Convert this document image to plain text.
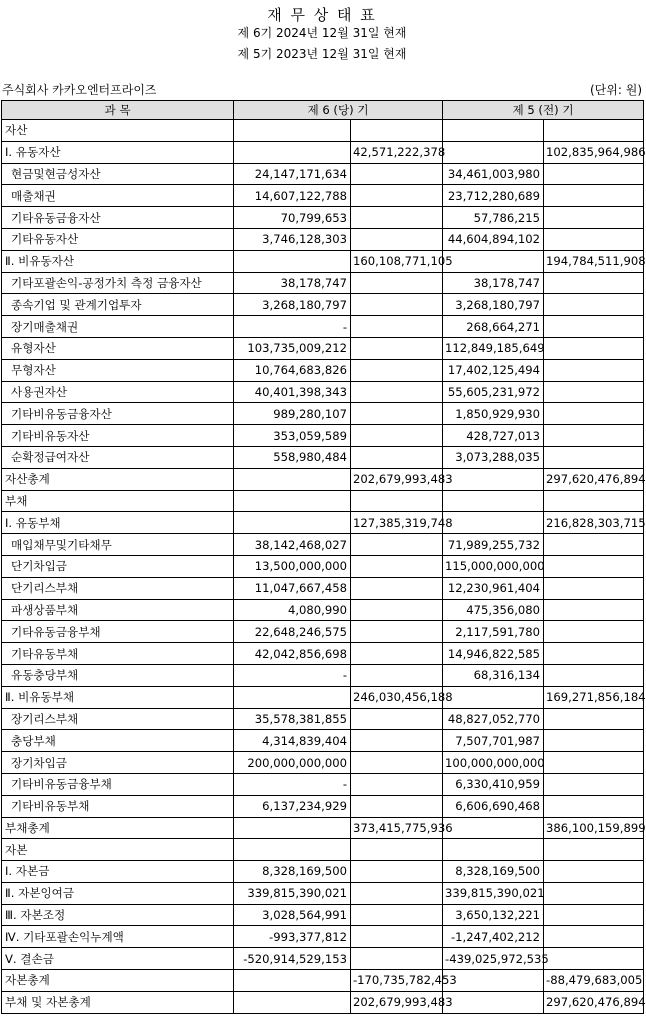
재 무 상 태 표
제 6기 2024년 12월 31일 현재
제 5기 2023년 12월 31일 현재
주식회사 카카오엔터프라이즈	(단위: 원)
과 목	제 6 (당) 기		제 5 (전) 기	
자산				
Ⅰ. 유동자산		42,571,222,378		102,835,964,986
현금및현금성자산	24,147,171,634		34,461,003,980	
매출채권	14,607,122,788		23,712,280,689	
기타유동금융자산	70,799,653		57,786,215	
기타유동자산	3,746,128,303		44,604,894,102	
Ⅱ. 비유동자산		160,108,771,105		194,784,511,908
기타포괄손익-공정가치 측정 금융자산	38,178,747		38,178,747	
종속기업 및 관계기업투자	3,268,180,797		3,268,180,797	
장기매출채권	-		268,664,271	
유형자산	103,735,009,212		112,849,185,649	
무형자산	10,764,683,826		17,402,125,494	
사용권자산	40,401,398,343		55,605,231,972	
기타비유동금융자산	989,280,107		1,850,929,930	
기타비유동자산	353,059,589		428,727,013	
순확정급여자산	558,980,484		3,073,288,035	
자산총계		202,679,993,483		297,620,476,894
부채				
Ⅰ. 유동부채		127,385,319,748		216,828,303,715
매입채무및기타채무	38,142,468,027		71,989,255,732	
단기차입금	13,500,000,000		115,000,000,000	
단기리스부채	11,047,667,458		12,230,961,404	
파생상품부채	4,080,990		475,356,080	
기타유동금융부채	22,648,246,575		2,117,591,780	
기타유동부채	42,042,856,698		14,946,822,585	
유동충당부채	-		68,316,134	
Ⅱ. 비유동부채		246,030,456,188		169,271,856,184
장기리스부채	35,578,381,855		48,827,052,770	
충당부채	4,314,839,404		7,507,701,987	
장기차입금	200,000,000,000		100,000,000,000	
기타비유동금융부채	-		6,330,410,959	
기타비유동부채	6,137,234,929		6,606,690,468	
부채총계		373,415,775,936		386,100,159,899
자본				
Ⅰ. 자본금	8,328,169,500		8,328,169,500	
Ⅱ. 자본잉여금	339,815,390,021		339,815,390,021	
Ⅲ. 자본조정	3,028,564,991		3,650,132,221	
Ⅳ. 기타포괄손익누계액	-993,377,812		-1,247,402,212	
Ⅴ. 결손금	-520,914,529,153		-439,025,972,535	
자본총계		-170,735,782,453		-88,479,683,005
부채 및 자본총계		202,679,993,483		297,620,476,894
